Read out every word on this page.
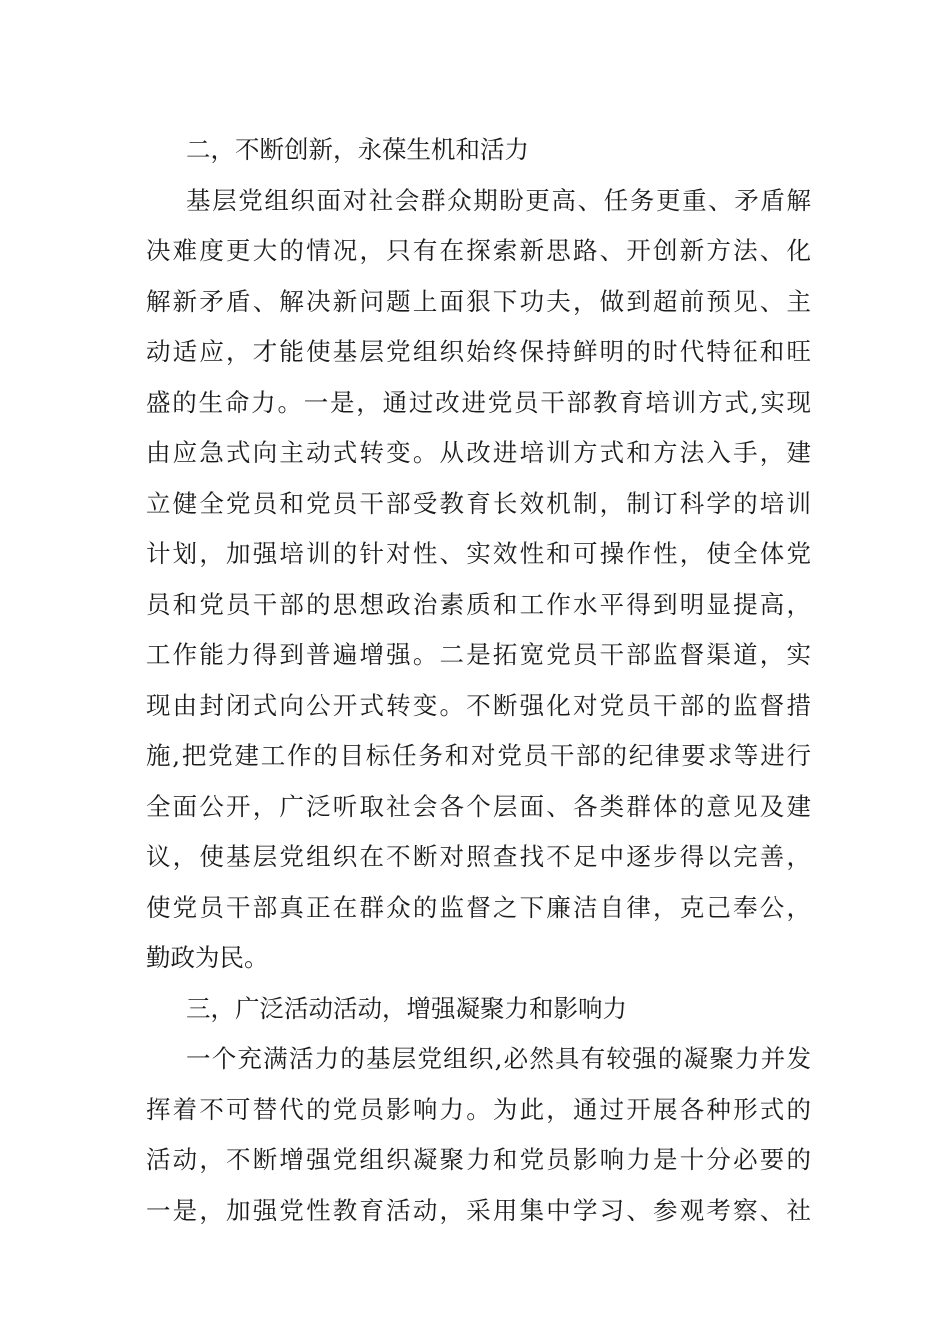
二，不断创新，永葆生机和活力
基层党组织面对社会群众期盼更高、任务更重、矛盾解
决难度更大的情况，只有在探索新思路、开创新方法、化
解新矛盾、解决新问题上面狠下功夫，做到超前预见、主
动适应，才能使基层党组织始终保持鲜明的时代特征和旺
盛的生命力。一是，通过改进党员干部教育培训方式,实现
由应急式向主动式转变。从改进培训方式和方法入手，建
立健全党员和党员干部受教育长效机制，制订科学的培训
计划，加强培训的针对性、实效性和可操作性，使全体党
员和党员干部的思想政治素质和工作水平得到明显提高，
工作能力得到普遍增强。二是拓宽党员干部监督渠道，实
现由封闭式向公开式转变。不断强化对党员干部的监督措
施,把党建工作的目标任务和对党员干部的纪律要求等进行
全面公开，广泛听取社会各个层面、各类群体的意见及建
议，使基层党组织在不断对照查找不足中逐步得以完善，
使党员干部真正在群众的监督之下廉洁自律，克己奉公，
勤政为民。
三，广泛活动活动，增强凝聚力和影响力
一个充满活力的基层党组织,必然具有较强的凝聚力并发
挥着不可替代的党员影响力。为此，通过开展各种形式的
活动，不断增强党组织凝聚力和党员影响力是十分必要的
一是，加强党性教育活动，采用集中学习、参观考察、社
